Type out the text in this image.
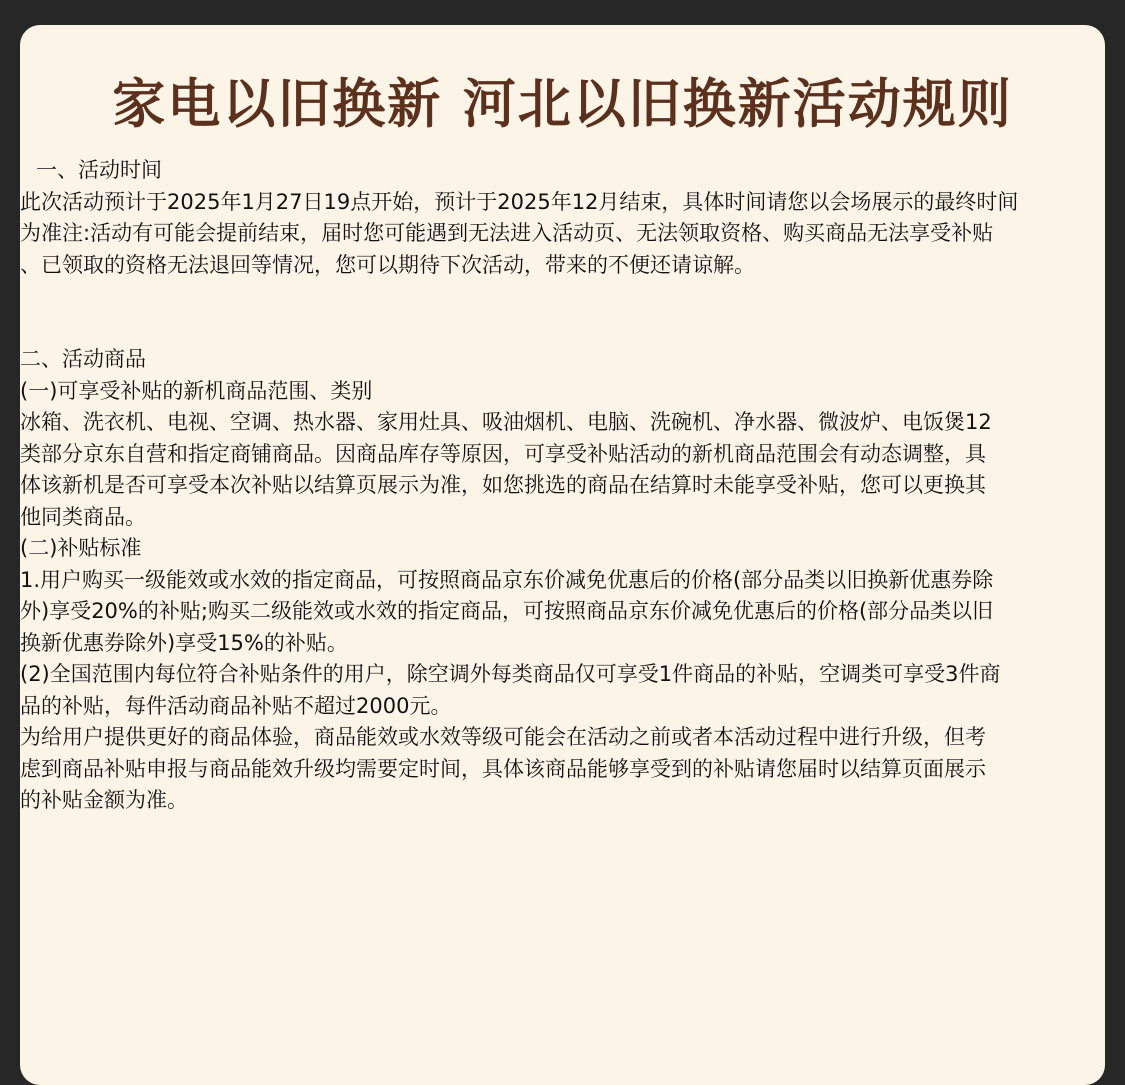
家电以旧换新 河北以旧换新活动规则
一、活动时间
此次活动预计于2025年1月27日19点开始，预计于2025年12月结束，具体时间请您以会场展示的最终时间
为准注:活动有可能会提前结束，届时您可能遇到无法进入活动页、无法领取资格、购买商品无法享受补贴
、已领取的资格无法退回等情况，您可以期待下次活动，带来的不便还请谅解。
二、活动商品
(一)可享受补贴的新机商品范围、类别
冰箱、洗衣机、电视、空调、热水器、家用灶具、吸油烟机、电脑、洗碗机、净水器、微波炉、电饭煲12
类部分京东自营和指定商铺商品。因商品库存等原因，可享受补贴活动的新机商品范围会有动态调整，具
体该新机是否可享受本次补贴以结算页展示为准，如您挑选的商品在结算时未能享受补贴，您可以更换其
他同类商品。
(二)补贴标准
1.用户购买一级能效或水效的指定商品，可按照商品京东价减免优惠后的价格(部分品类以旧换新优惠券除
外)享受20%的补贴;购买二级能效或水效的指定商品，可按照商品京东价减免优惠后的价格(部分品类以旧
换新优惠券除外)享受15%的补贴。
(2)全国范围内每位符合补贴条件的用户，除空调外每类商品仅可享受1件商品的补贴，空调类可享受3件商
品的补贴，每件活动商品补贴不超过2000元。
为给用户提供更好的商品体验，商品能效或水效等级可能会在活动之前或者本活动过程中进行升级，但考
虑到商品补贴申报与商品能效升级均需要定时间，具体该商品能够享受到的补贴请您届时以结算页面展示
的补贴金额为准。
